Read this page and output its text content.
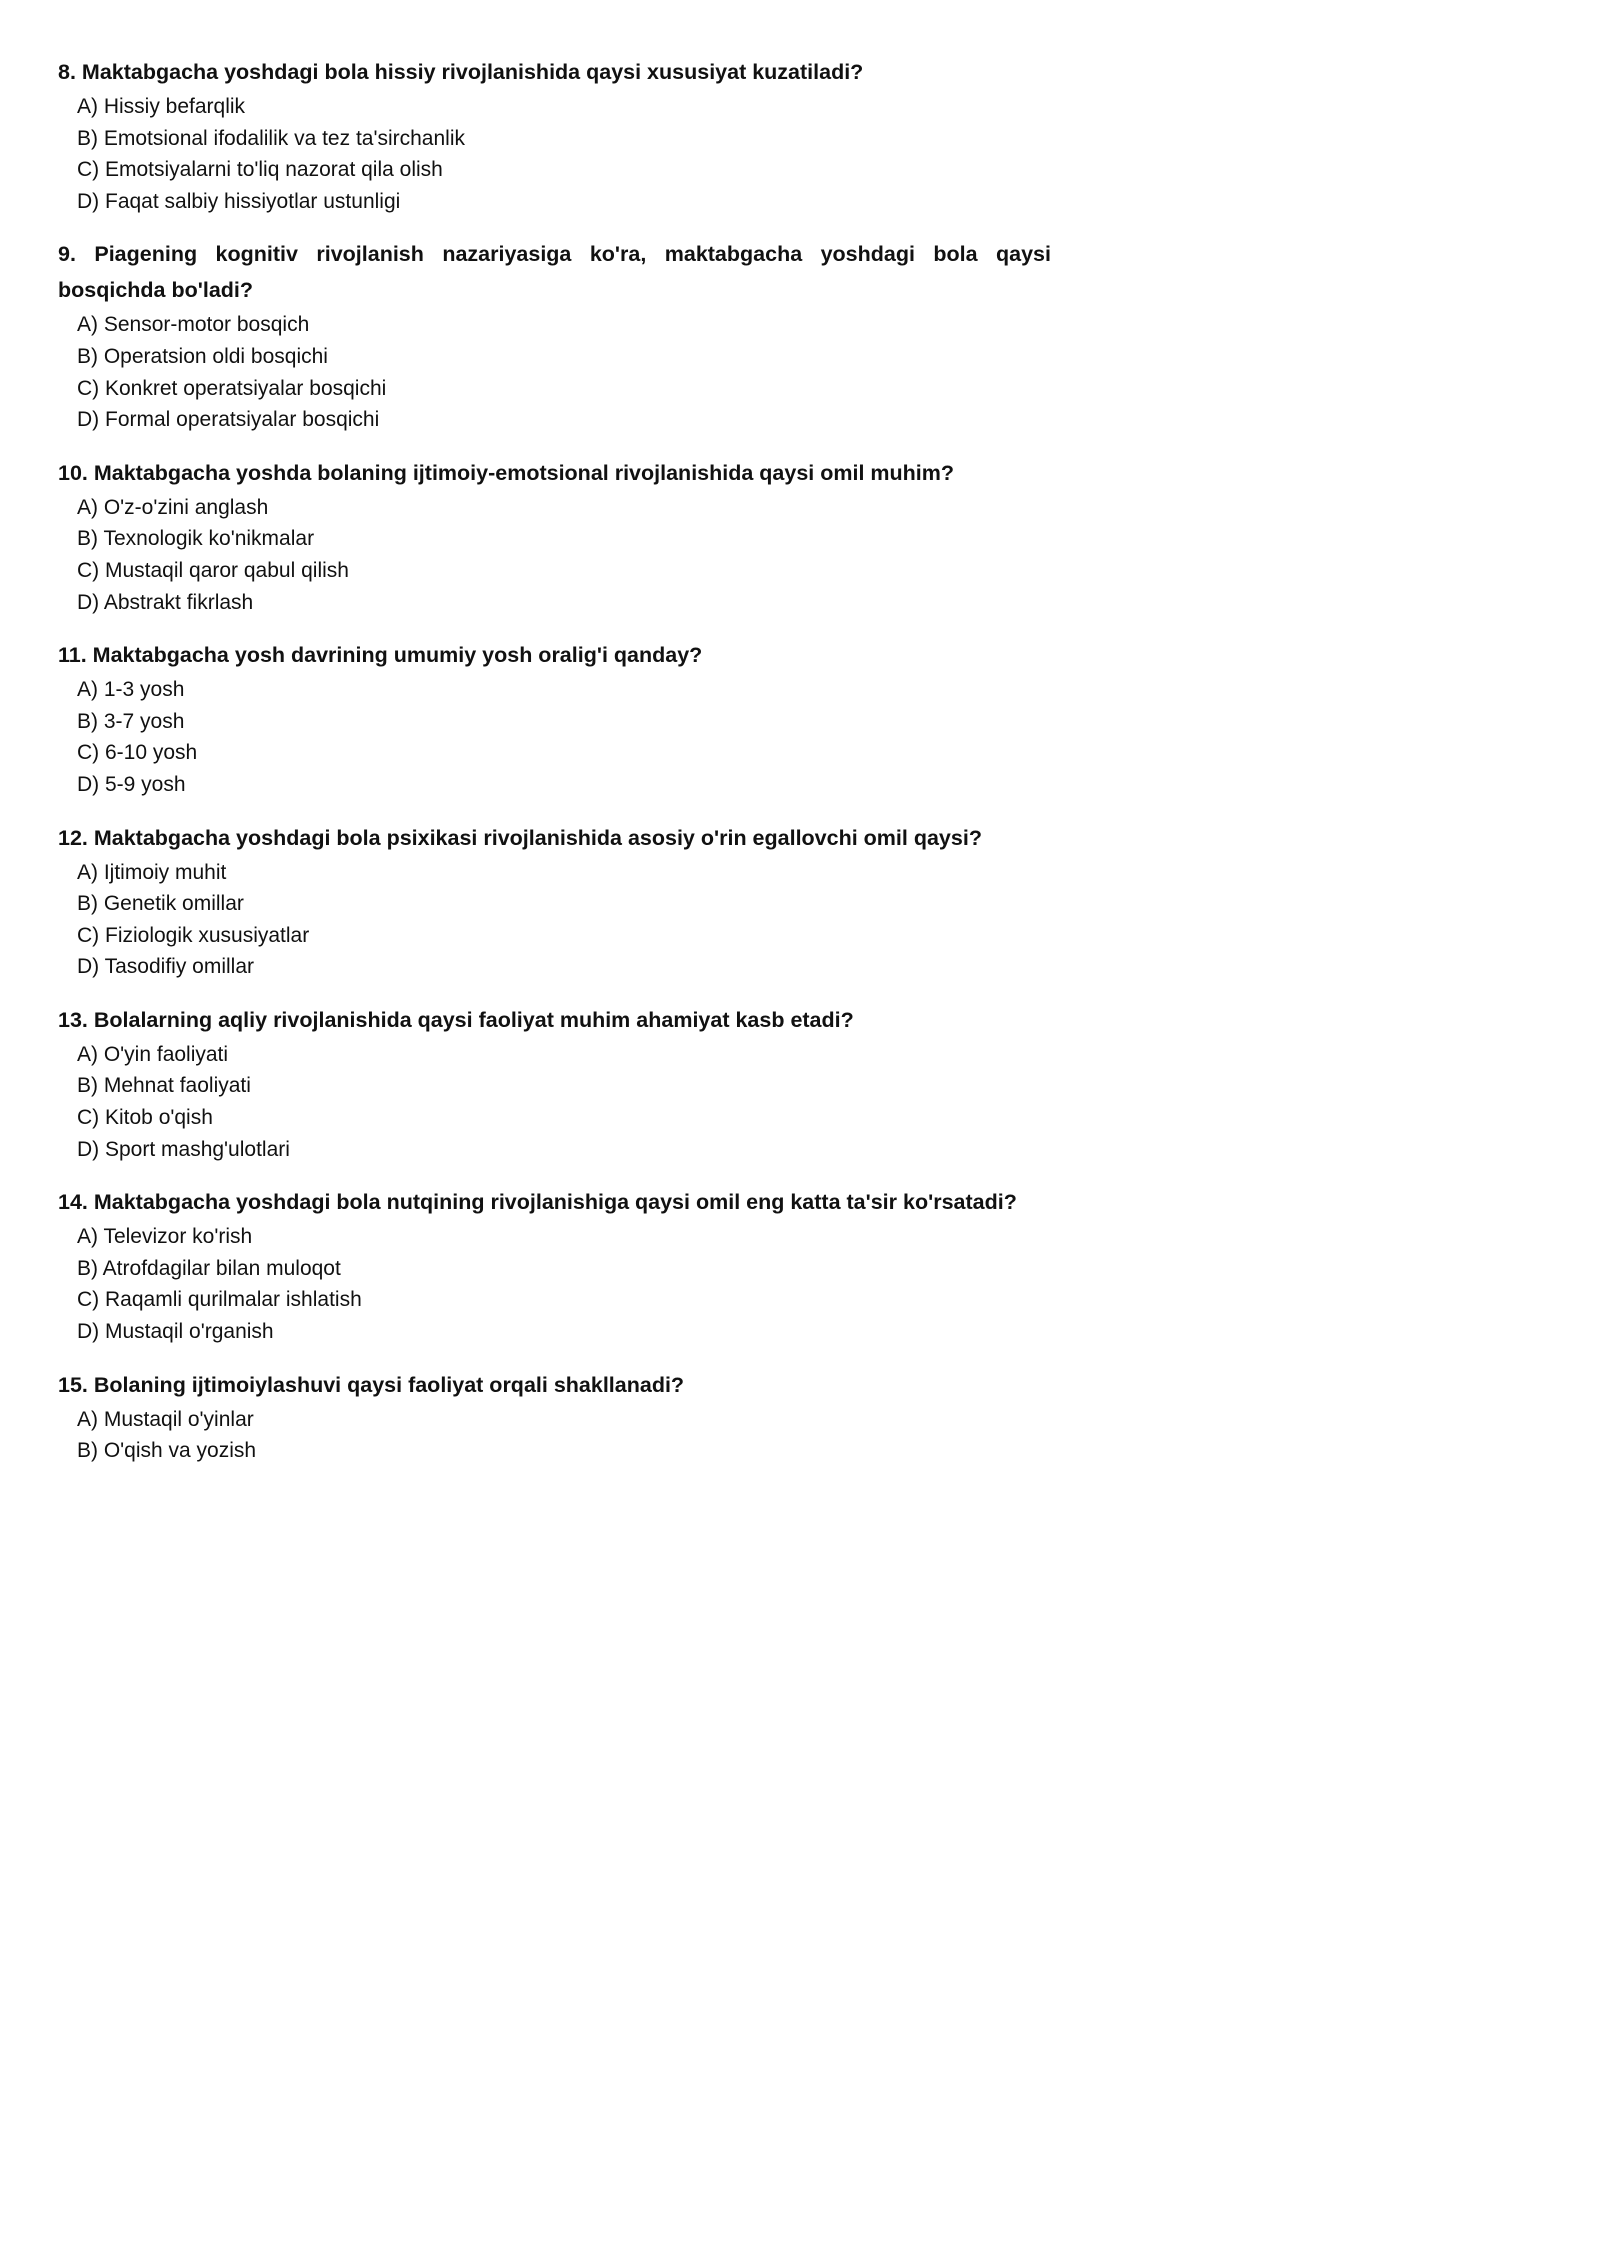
8. Maktabgacha yoshdagi bola hissiy rivojlanishida qaysi xususiyat kuzatiladi?
A) Hissiy befarqlik
B) Emotsional ifodalilik va tez ta'sirchanlik
C) Emotsiyalarni to'liq nazorat qila olish
D) Faqat salbiy hissiyotlar ustunligi
9. Piagening kognitiv rivojlanish nazariyasiga ko'ra, maktabgacha yoshdagi bola qaysi bosqichda bo'ladi?
A) Sensor-motor bosqich
B) Operatsion oldi bosqichi
C) Konkret operatsiyalar bosqichi
D) Formal operatsiyalar bosqichi
10. Maktabgacha yoshda bolaning ijtimoiy-emotsional rivojlanishida qaysi omil muhim?
A) O'z-o'zini anglash
B) Texnologik ko'nikmalar
C) Mustaqil qaror qabul qilish
D) Abstrakt fikrlash
11. Maktabgacha yosh davrining umumiy yosh oralig'i qanday?
A) 1-3 yosh
B) 3-7 yosh
C) 6-10 yosh
D) 5-9 yosh
12. Maktabgacha yoshdagi bola psixikasi rivojlanishida asosiy o'rin egallovchi omil qaysi?
A) Ijtimoiy muhit
B) Genetik omillar
C) Fiziologik xususiyatlar
D) Tasodifiy omillar
13. Bolalarning aqliy rivojlanishida qaysi faoliyat muhim ahamiyat kasb etadi?
A) O'yin faoliyati
B) Mehnat faoliyati
C) Kitob o'qish
D) Sport mashg'ulotlari
14. Maktabgacha yoshdagi bola nutqining rivojlanishiga qaysi omil eng katta ta'sir ko'rsatadi?
A) Televizor ko'rish
B) Atrofdagilar bilan muloqot
C) Raqamli qurilmalar ishlatish
D) Mustaqil o'rganish
15. Bolaning ijtimoiylashuvi qaysi faoliyat orqali shakllanadi?
A) Mustaqil o'yinlar
B) O'qish va yozish
